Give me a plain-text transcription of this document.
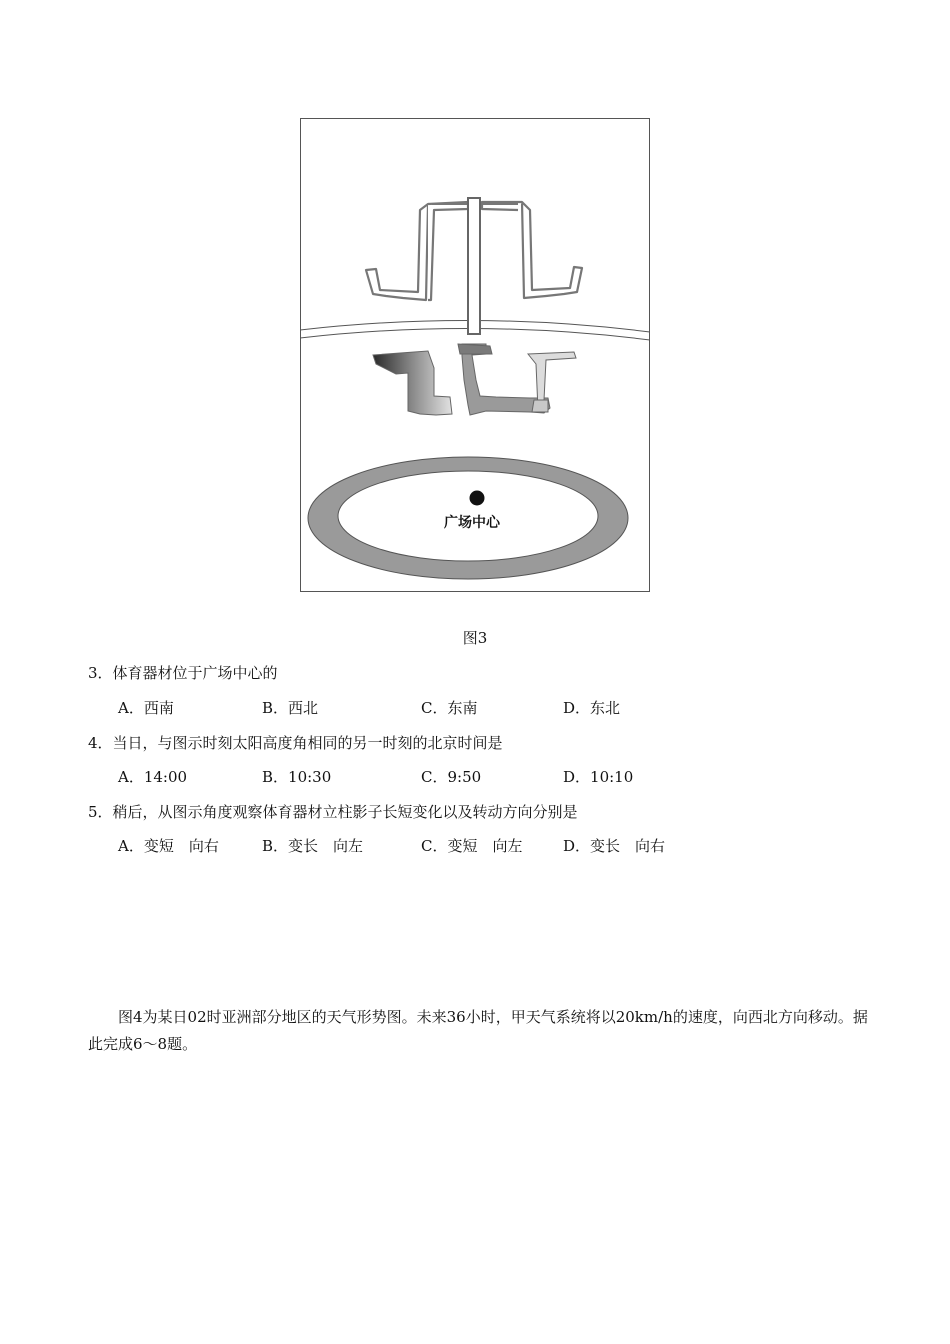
广场中心
图3
3．体育器材位于广场中心的
A．西南	B．西北	C．东南	D．东北
4．当日，与图示时刻太阳高度角相同的另一时刻的北京时间是
A．14:00	B．10:30	C．9:50	D．10:10
5．稍后，从图示角度观察体育器材立柱影子长短变化以及转动方向分别是
A．变短　向右	B．变长　向左	C．变短　向左	D．变长　向右
图4为某日02时亚洲部分地区的天气形势图。未来36小时，甲天气系统将以20km/h的速度，向西北方向移动。据此完成6～8题。
